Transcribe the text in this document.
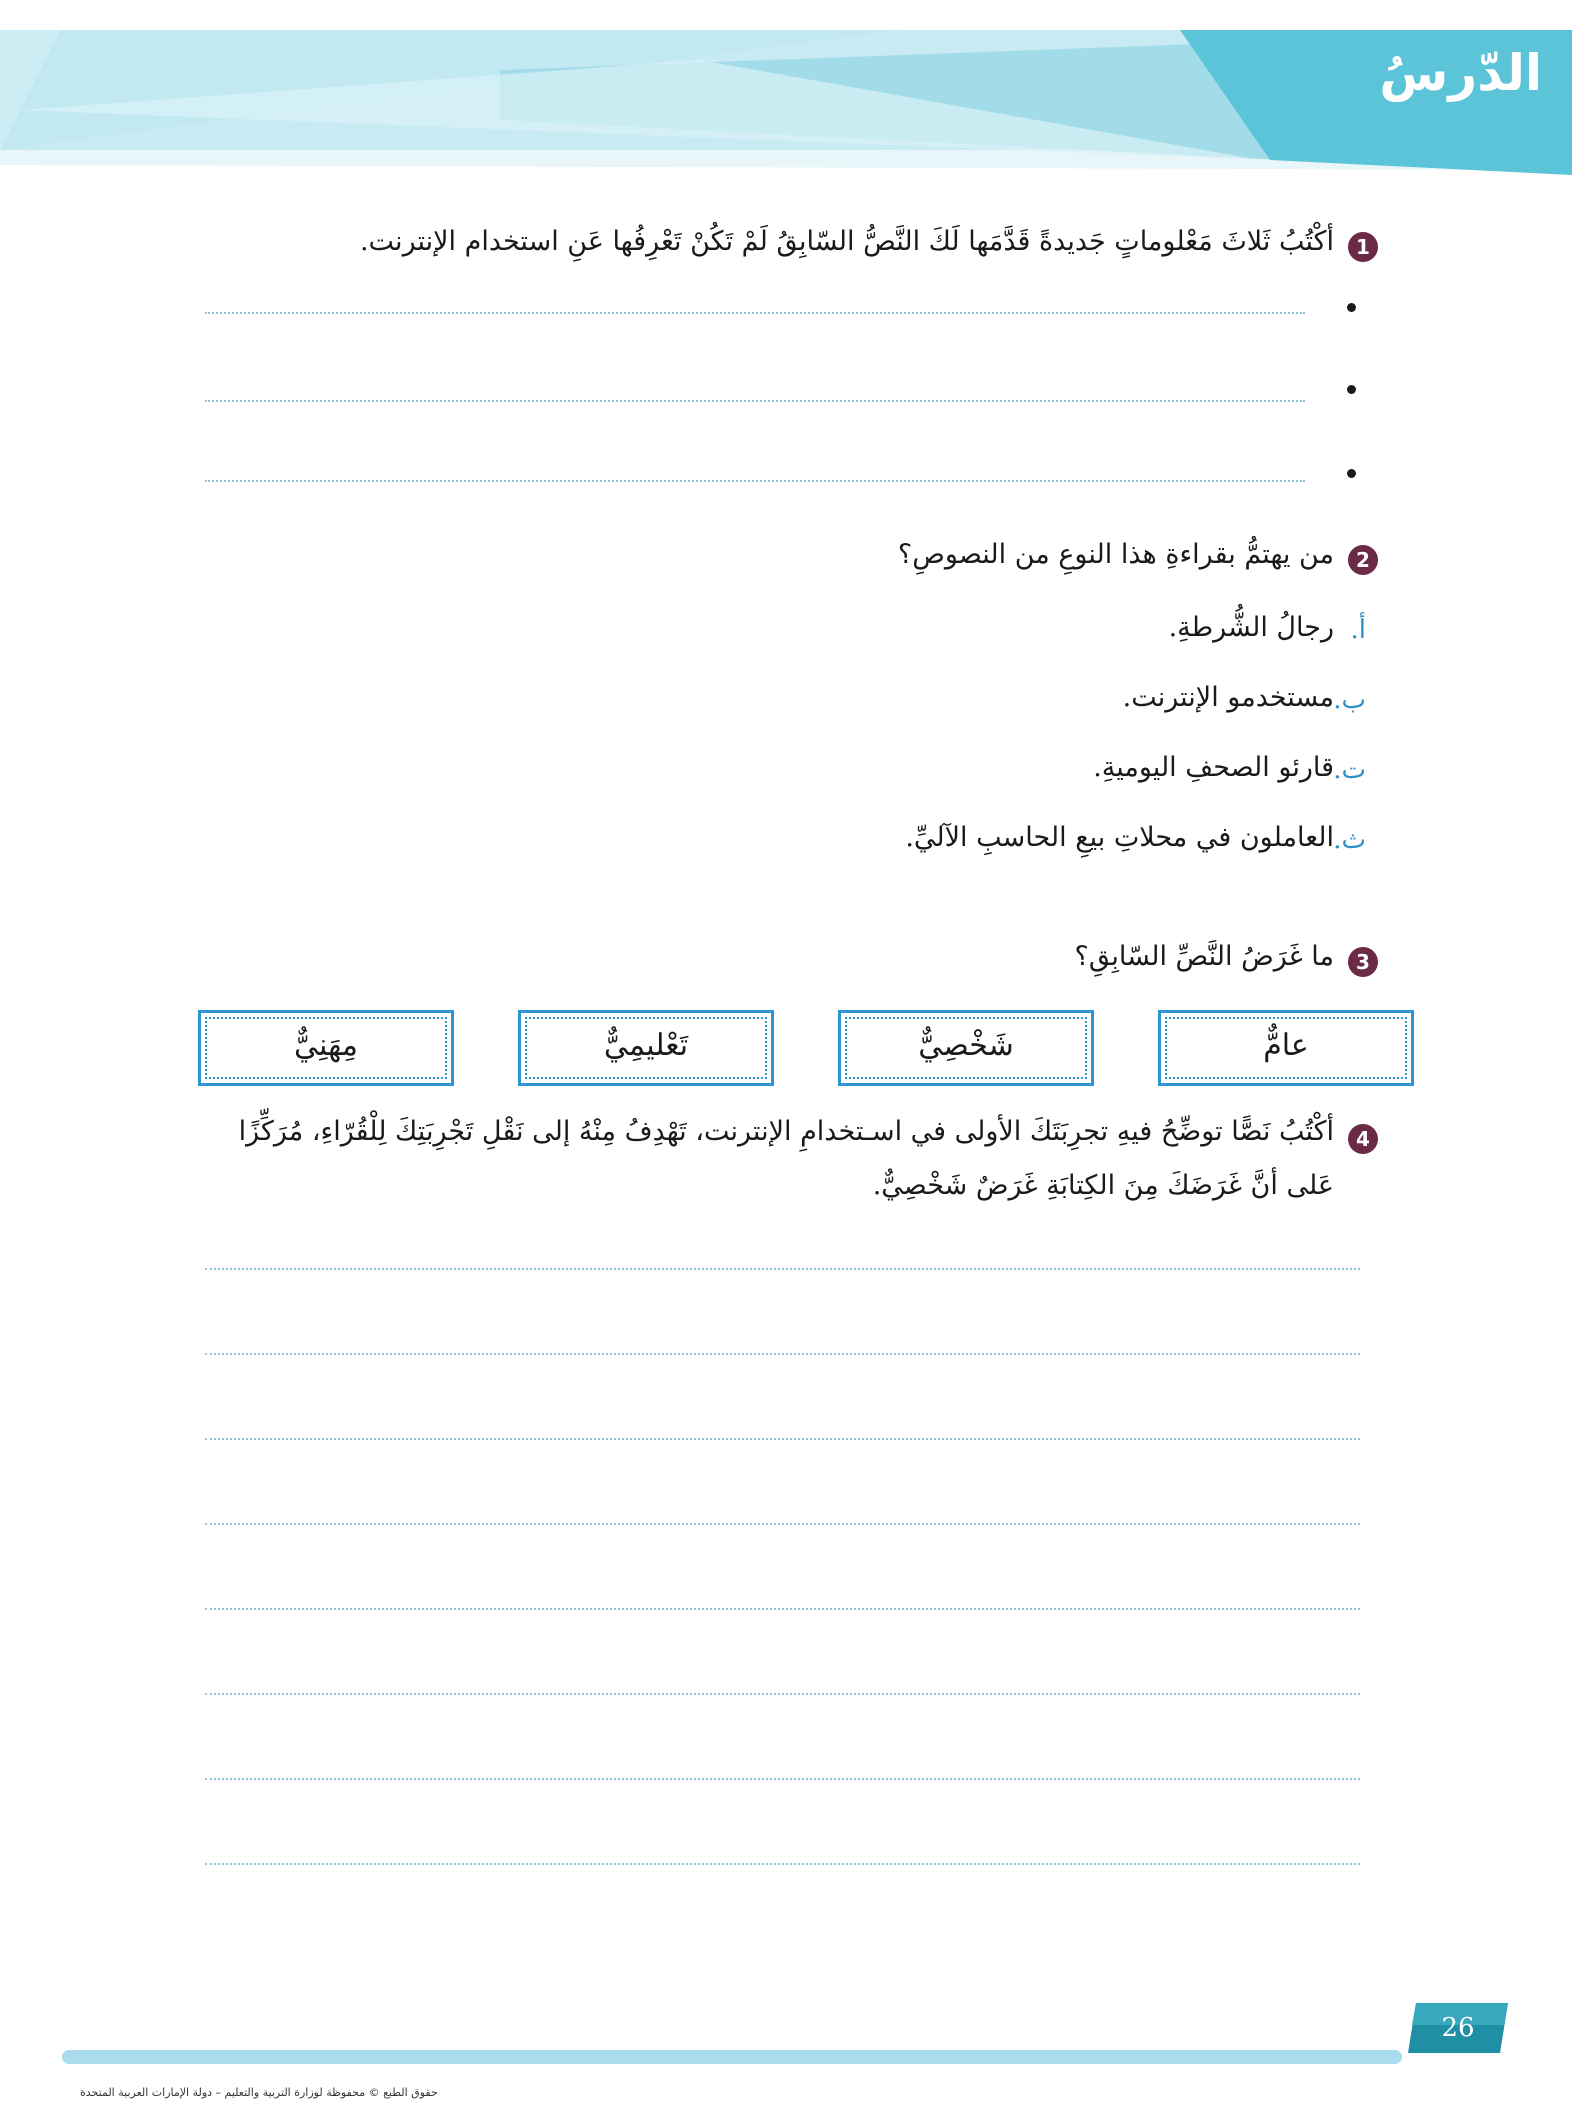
الدّرسُ
1
أكْتُبُ ثَلاثَ مَعْلوماتٍ جَديدةً قَدَّمَها لَكَ النَّصُّ السّابِقُ لَمْ تَكُنْ تَعْرِفُها عَنِ استخدام الإنترنت.
2
من يهتمُّ بقراءةِ هذا النوعِ من النصوصِ؟
أ.
رجالُ الشُّرطةِ.
ب.
مستخدمو الإنترنت.
ت.
قارئو الصحفِ اليوميةِ.
ث.
العاملون في محلاتِ بيعِ الحاسبِ الآليِّ.
3
ما غَرَضُ النَّصِّ السّابِقِ؟
عامٌّ
شَخْصِيٌّ
تَعْليمِيٌّ
مِهَنِيٌّ
4
أكْتُبُ نَصًّا توضِّحُ فيهِ تجرِبَتَكَ الأولى في اسـتخدامِ الإنترنت، تَهْدِفُ مِنْهُ إلى نَقْلِ تَجْرِبَتِكَ لِلْقُرّاءِ، مُرَكِّزًا
عَلى أنَّ غَرَضَكَ مِنَ الكِتابَةِ غَرَضٌ شَخْصِيٌّ.
26
حقوق الطبع © محفوظة لوزارة التربية والتعليم – دولة الإمارات العربية المتحدة
